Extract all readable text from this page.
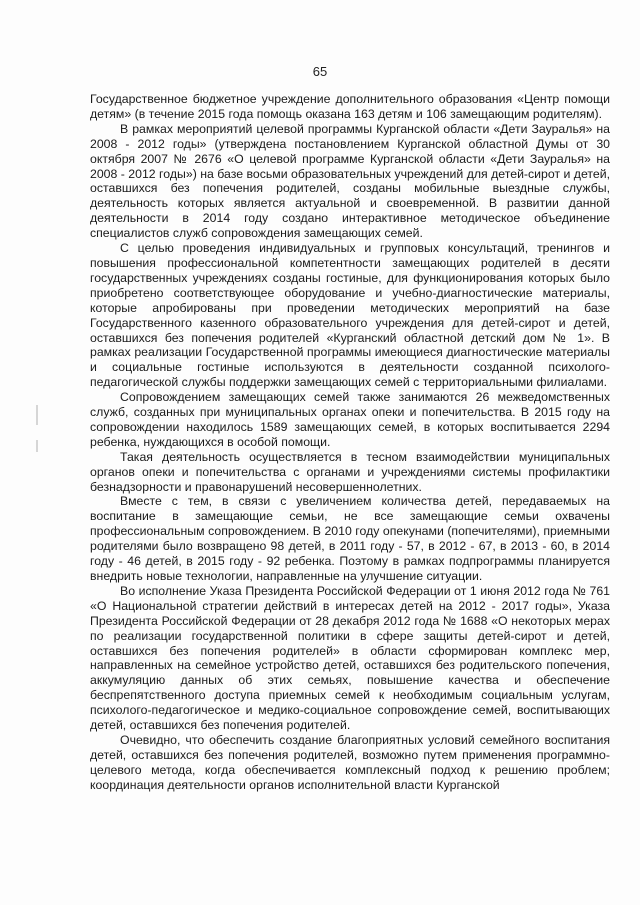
65

Государственное бюджетное учреждение дополнительного образования «Центр помощи детям» (в течение 2015 года помощь оказана 163 детям и 106 замещающим родителям).

В рамках мероприятий целевой программы Курганской области «Дети Зауралья» на 2008 - 2012 годы» (утверждена постановлением Курганской областной Думы от 30 октября 2007 № 2676 «О целевой программе Курганской области «Дети Зауралья» на 2008 - 2012 годы») на базе восьми образовательных учреждений для детей-сирот и детей, оставшихся без попечения родителей, созданы мобильные выездные службы, деятельность которых является актуальной и своевременной. В развитии данной деятельности в 2014 году создано интерактивное методическое объединение специалистов служб сопровождения замещающих семей.

С целью проведения индивидуальных и групповых консультаций, тренингов и повышения профессиональной компетентности замещающих родителей в десяти государственных учреждениях созданы гостиные, для функционирования которых было приобретено соответствующее оборудование и учебно-диагностические материалы, которые апробированы при проведении методических мероприятий на базе Государственного казенного образовательного учреждения для детей-сирот и детей, оставшихся без попечения родителей «Курганский областной детский дом № 1». В рамках реализации Государственной программы имеющиеся диагностические материалы и социальные гостиные используются в деятельности созданной психолого-педагогической службы поддержки замещающих семей с территориальными филиалами.

Сопровождением замещающих семей также занимаются 26 межведомственных служб, созданных при муниципальных органах опеки и попечительства. В 2015 году на сопровождении находилось 1589 замещающих семей, в которых воспитывается 2294 ребенка, нуждающихся в особой помощи.

Такая деятельность осуществляется в тесном взаимодействии муниципальных органов опеки и попечительства с органами и учреждениями системы профилактики безнадзорности и правонарушений несовершеннолетних.

Вместе с тем, в связи с увеличением количества детей, передаваемых на воспитание в замещающие семьи, не все замещающие семьи охвачены профессиональным сопровождением. В 2010 году опекунами (попечителями), приемными родителями было возвращено 98 детей, в 2011 году - 57, в 2012 - 67, в 2013 - 60, в 2014 году - 46 детей, в 2015 году - 92 ребенка. Поэтому в рамках подпрограммы планируется внедрить новые технологии, направленные на улучшение ситуации.

Во исполнение Указа Президента Российской Федерации от 1 июня 2012 года № 761 «О Национальной стратегии действий в интересах детей на 2012 - 2017 годы», Указа Президента Российской Федерации от 28 декабря 2012 года № 1688 «О некоторых мерах по реализации государственной политики в сфере защиты детей-сирот и детей, оставшихся без попечения родителей» в области сформирован комплекс мер, направленных на семейное устройство детей, оставшихся без родительского попечения, аккумуляцию данных об этих семьях, повышение качества и обеспечение беспрепятственного доступа приемных семей к необходимым социальным услугам, психолого-педагогическое и медико-социальное сопровождение семей, воспитывающих детей, оставшихся без попечения родителей.

Очевидно, что обеспечить создание благоприятных условий семейного воспитания детей, оставшихся без попечения родителей, возможно путем применения программно-целевого метода, когда обеспечивается комплексный подход к решению проблем; координация деятельности органов исполнительной власти Курганской
